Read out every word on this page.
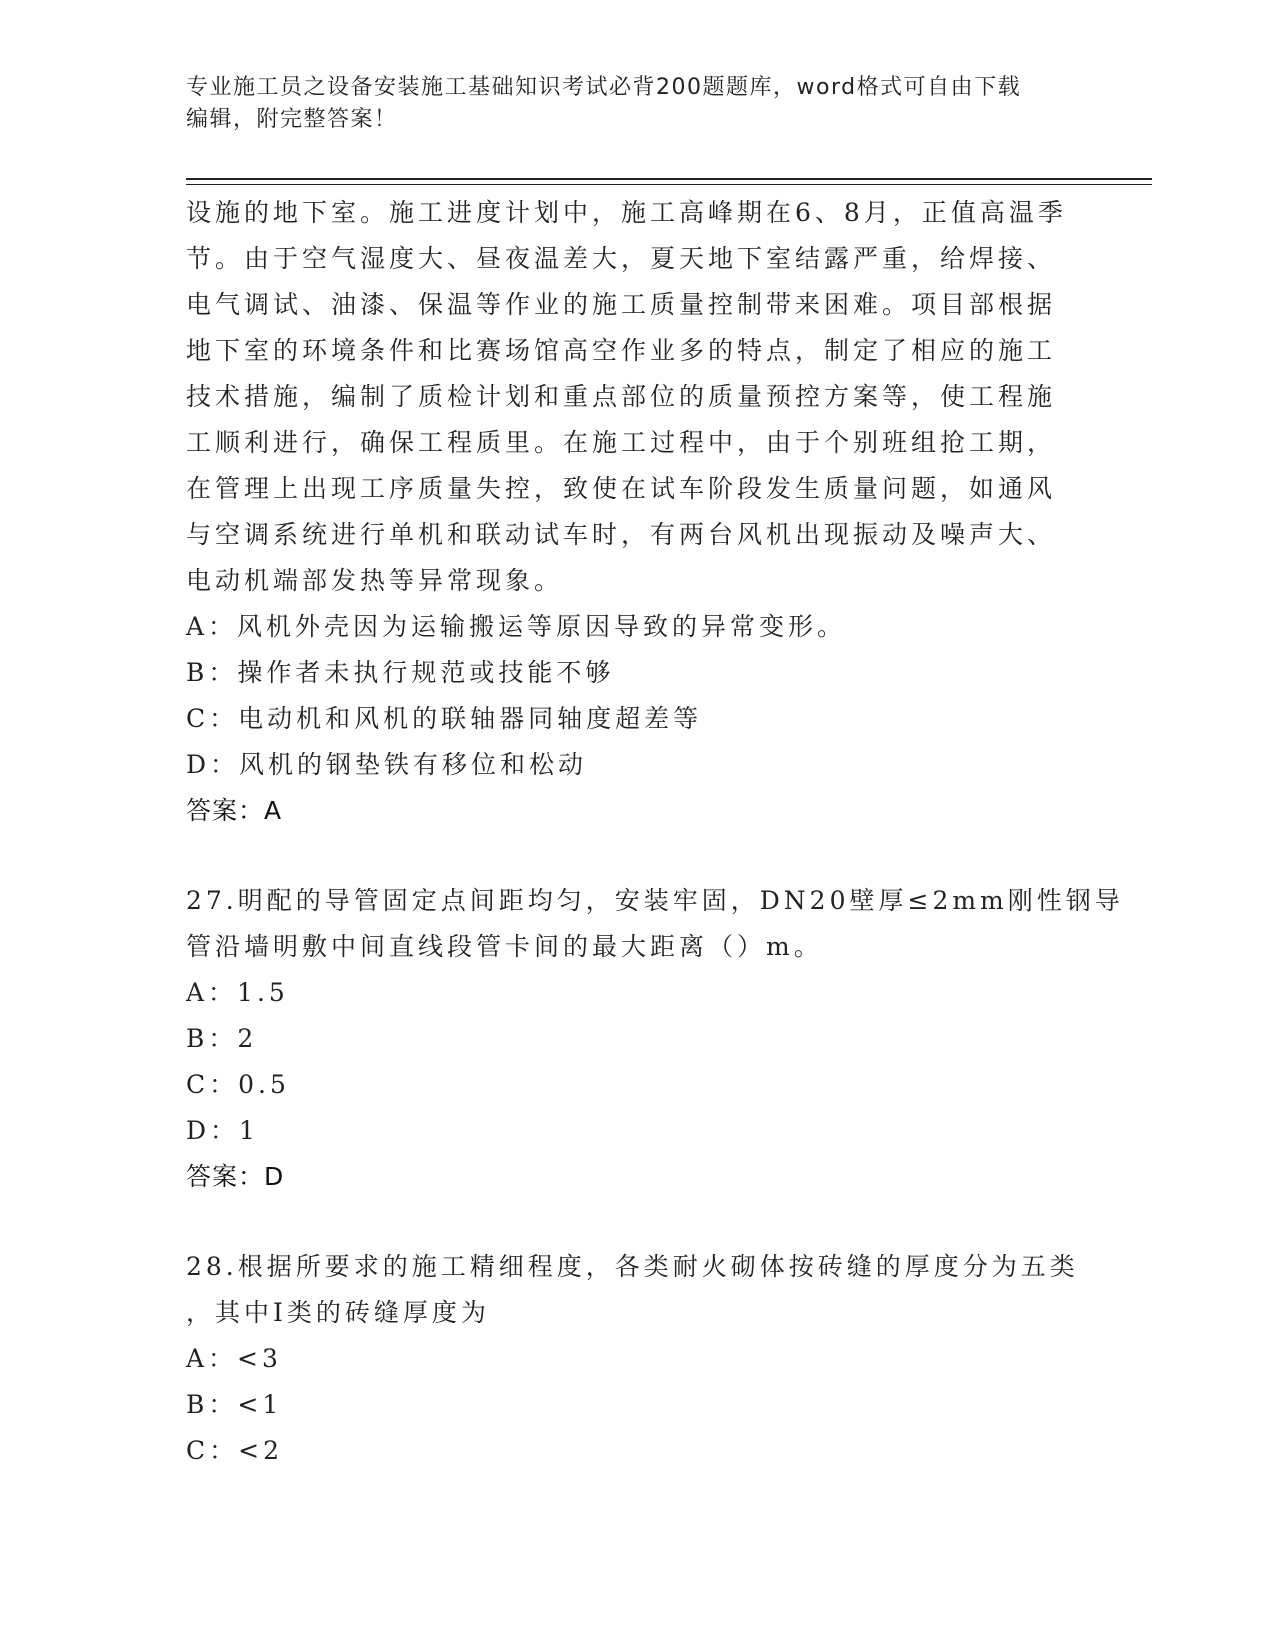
专业施工员之设备安装施工基础知识考试必背200题题库，word格式可自由下载
编辑，附完整答案！
设施的地下室。施工进度计划中，施工高峰期在6、8月，正值高温季
节。由于空气湿度大、昼夜温差大，夏天地下室结露严重，给焊接、
电气调试、油漆、保温等作业的施工质量控制带来困难。项目部根据
地下室的环境条件和比赛场馆高空作业多的特点，制定了相应的施工
技术措施，编制了质检计划和重点部位的质量预控方案等，使工程施
工顺利进行，确保工程质里。在施工过程中，由于个别班组抢工期，
在管理上出现工序质量失控，致使在试车阶段发生质量问题，如通风
与空调系统进行单机和联动试车时，有两台风机出现振动及噪声大、
电动机端部发热等异常现象。
A：风机外壳因为运输搬运等原因导致的异常变形。
B：操作者未执行规范或技能不够
C：电动机和风机的联轴器同轴度超差等
D：风机的钢垫铁有移位和松动
答案：A
27.明配的导管固定点间距均匀，安装牢固，DN20壁厚≤2mm刚性钢导
管沿墙明敷中间直线段管卡间的最大距离（）m。
A：1.5
B：2
C：0.5
D：1
答案：D
28.根据所要求的施工精细程度，各类耐火砌体按砖缝的厚度分为五类
，其中Ⅰ类的砖缝厚度为
A：<3
B：<1
C：<2
